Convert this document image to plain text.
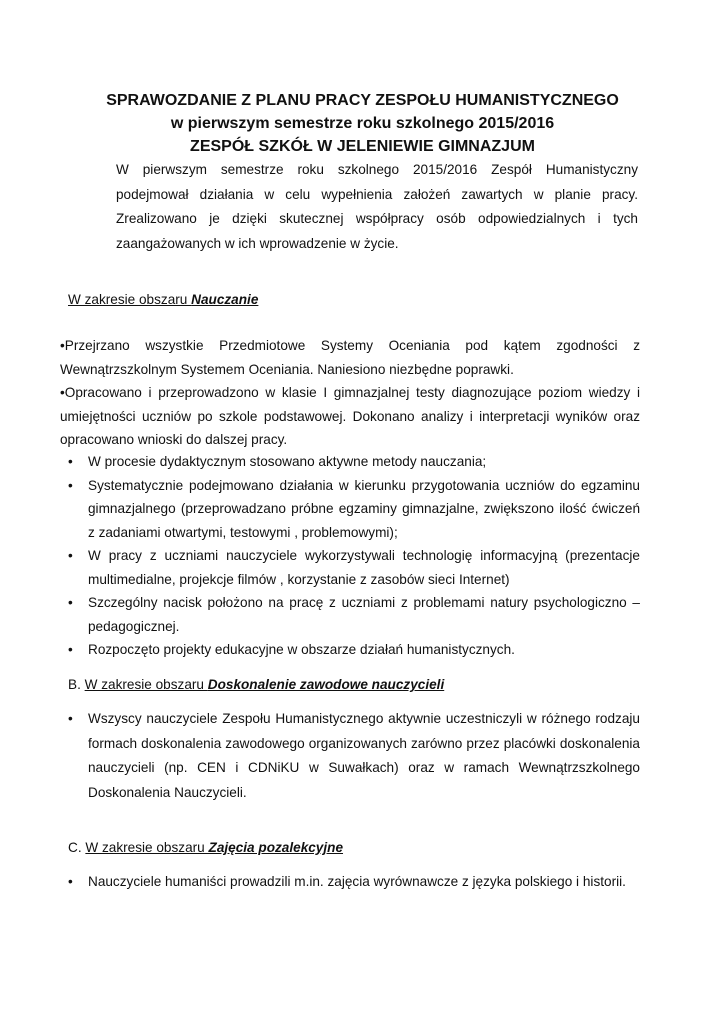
SPRAWOZDANIE Z PLANU PRACY ZESPOŁU HUMANISTYCZNEGO
w pierwszym semestrze roku szkolnego 2015/2016
ZESPÓŁ SZKÓŁ W JELENIEWIE GIMNAZJUM
W pierwszym semestrze roku szkolnego 2015/2016 Zespół Humanistyczny podejmował działania w celu wypełnienia założeń zawartych w planie pracy. Zrealizowano je dzięki skutecznej współpracy osób odpowiedzialnych i tych zaangażowanych w ich wprowadzenie w życie.
W zakresie obszaru Nauczanie
•Przejrzano wszystkie Przedmiotowe Systemy Oceniania pod kątem zgodności z Wewnątrzszkolnym Systemem Oceniania. Naniesiono niezbędne poprawki.
•Opracowano i przeprowadzono w klasie I gimnazjalnej testy diagnozujące poziom wiedzy i umiejętności uczniów po szkole podstawowej. Dokonano analizy i interpretacji wyników oraz opracowano wnioski do dalszej pracy.
•	W procesie dydaktycznym stosowano aktywne metody nauczania;
•	Systematycznie podejmowano działania w kierunku przygotowania uczniów do egzaminu gimnazjalnego (przeprowadzano próbne egzaminy gimnazjalne, zwiększono ilość ćwiczeń z zadaniami otwartymi, testowymi , problemowymi);
•	W pracy z uczniami nauczyciele wykorzystywali technologię informacyjną (prezentacje multimedialne, projekcje filmów , korzystanie z zasobów sieci Internet)
•	Szczególny nacisk położono na pracę z uczniami z problemami natury psychologiczno – pedagogicznej.
•	Rozpoczęto projekty edukacyjne w obszarze działań humanistycznych.
B. W zakresie obszaru Doskonalenie zawodowe nauczycieli
•	Wszyscy nauczyciele Zespołu Humanistycznego aktywnie uczestniczyli w różnego rodzaju formach doskonalenia zawodowego organizowanych zarówno przez placówki doskonalenia nauczycieli (np. CEN i CDNiKU w Suwałkach) oraz w ramach Wewnątrzszkolnego Doskonalenia Nauczycieli.
C. W zakresie obszaru Zajęcia pozalekcyjne
•	Nauczyciele humaniści prowadzili m.in. zajęcia wyrównawcze z języka polskiego i historii.
